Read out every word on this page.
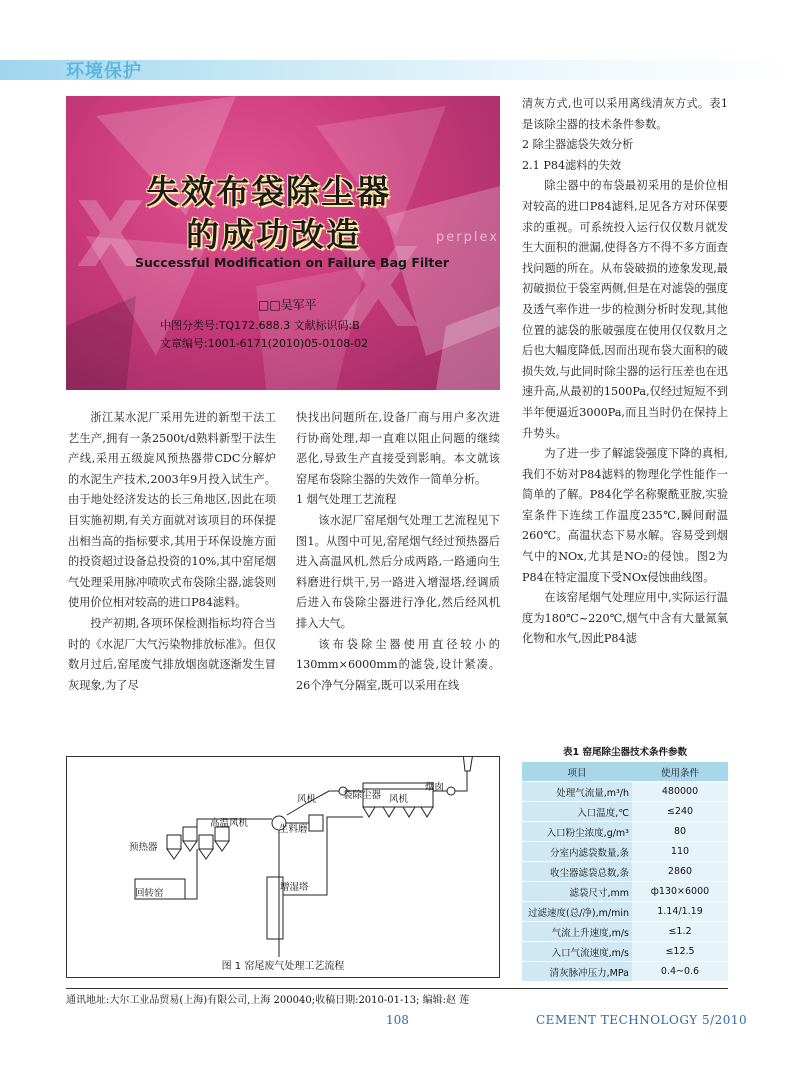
环境保护
X X
失效布袋除尘器
的成功改造
Successful Modification on Failure Bag Filter
perplex
□□吴军平
中图分类号:TQ172.688.3 文献标识码:B
文章编号:1001-6171(2010)05-0108-02

浙江某水泥厂采用先进的新型干法工艺生产,拥有一条2500t/d熟料新型干法生产线,采用五级旋风预热器带CDC分解炉的水泥生产技术,2003年9月投入试生产。由于地处经济发达的长三角地区,因此在项目实施初期,有关方面就对该项目的环保提出相当高的指标要求,其用于环保设施方面的投资超过设备总投资的10%,其中窑尾烟气处理采用脉冲喷吹式布袋除尘器,滤袋则使用价位相对较高的进口P84滤料。

投产初期,各项环保检测指标均符合当时的《水泥厂大气污染物排放标准》。但仅数月过后,窑尾废气排放烟囱就逐渐发生冒灰现象,为了尽

快找出问题所在,设备厂商与用户多次进行协商处理,却一直难以阻止问题的继续恶化,导致生产直接受到影响。本文就该窑尾布袋除尘器的失效作一简单分析。

1 烟气处理工艺流程

该水泥厂窑尾烟气处理工艺流程见下图1。从图中可见,窑尾烟气经过预热器后进入高温风机,然后分成两路,一路通向生料磨进行烘干,另一路进入增湿塔,经调质后进入布袋除尘器进行净化,然后经风机排入大气。

该布袋除尘器使用直径较小的130mm×6000mm的滤袋,设计紧凑。26个净气分隔室,既可以采用在线

清灰方式,也可以采用离线清灰方式。表1是该除尘器的技术条件参数。

2 除尘器滤袋失效分析

2.1 P84滤料的失效

除尘器中的布袋最初采用的是价位相对较高的进口P84滤料,足见各方对环保要求的重视。可系统投入运行仅仅数月就发生大面积的泄漏,使得各方不得不多方面查找问题的所在。从布袋破损的迹象发现,最初破损位于袋室两侧,但是在对滤袋的强度及透气率作进一步的检测分析时发现,其他位置的滤袋的胀破强度在使用仅仅数月之后也大幅度降低,因而出现布袋大面积的破损失效,与此同时除尘器的运行压差也在迅速升高,从最初的1500Pa,仅经过短短不到半年便逼近3000Pa,而且当时仍在保持上升势头。

为了进一步了解滤袋强度下降的真相,我们不妨对P84滤料的物理化学性能作一简单的了解。P84化学名称聚酰亚胺,实验室条件下连续工作温度235℃,瞬间耐温260℃。高温状态下易水解。容易受到烟气中的NOx,尤其是NO₂的侵蚀。图2为P84在特定温度下受NOx侵蚀曲线图。

在该窑尾烟气处理应用中,实际运行温度为180℃~220℃,烟气中含有大量氮氧化物和水气,因此P84滤

风机	袋除尘器 风机
烟囱
高温风机
生料磨
预热器
增湿塔
回转窑
图 1 窑尾废气处理工艺流程
表1 窑尾除尘器技术条件参数
项目	使用条件
处理气流量,m³/h	480000
入口温度,℃	≤240
入口粉尘浓度,g/m³	80
分室内滤袋数量,条	110
收尘器滤袋总数,条	2860
滤袋尺寸,mm	ф130×6000
过滤速度(总/净),m/min	1.14/1.19
气流上升速度,m/s	≤1.2
入口气流速度,m/s	≤12.5
清灰脉冲压力,MPa	0.4~0.6
通讯地址:大尔工业品贸易(上海)有限公司,上海 200040;收稿日期:2010-01-13; 编辑:赵 莲
108	CEMENT TECHNOLOGY 5/2010
